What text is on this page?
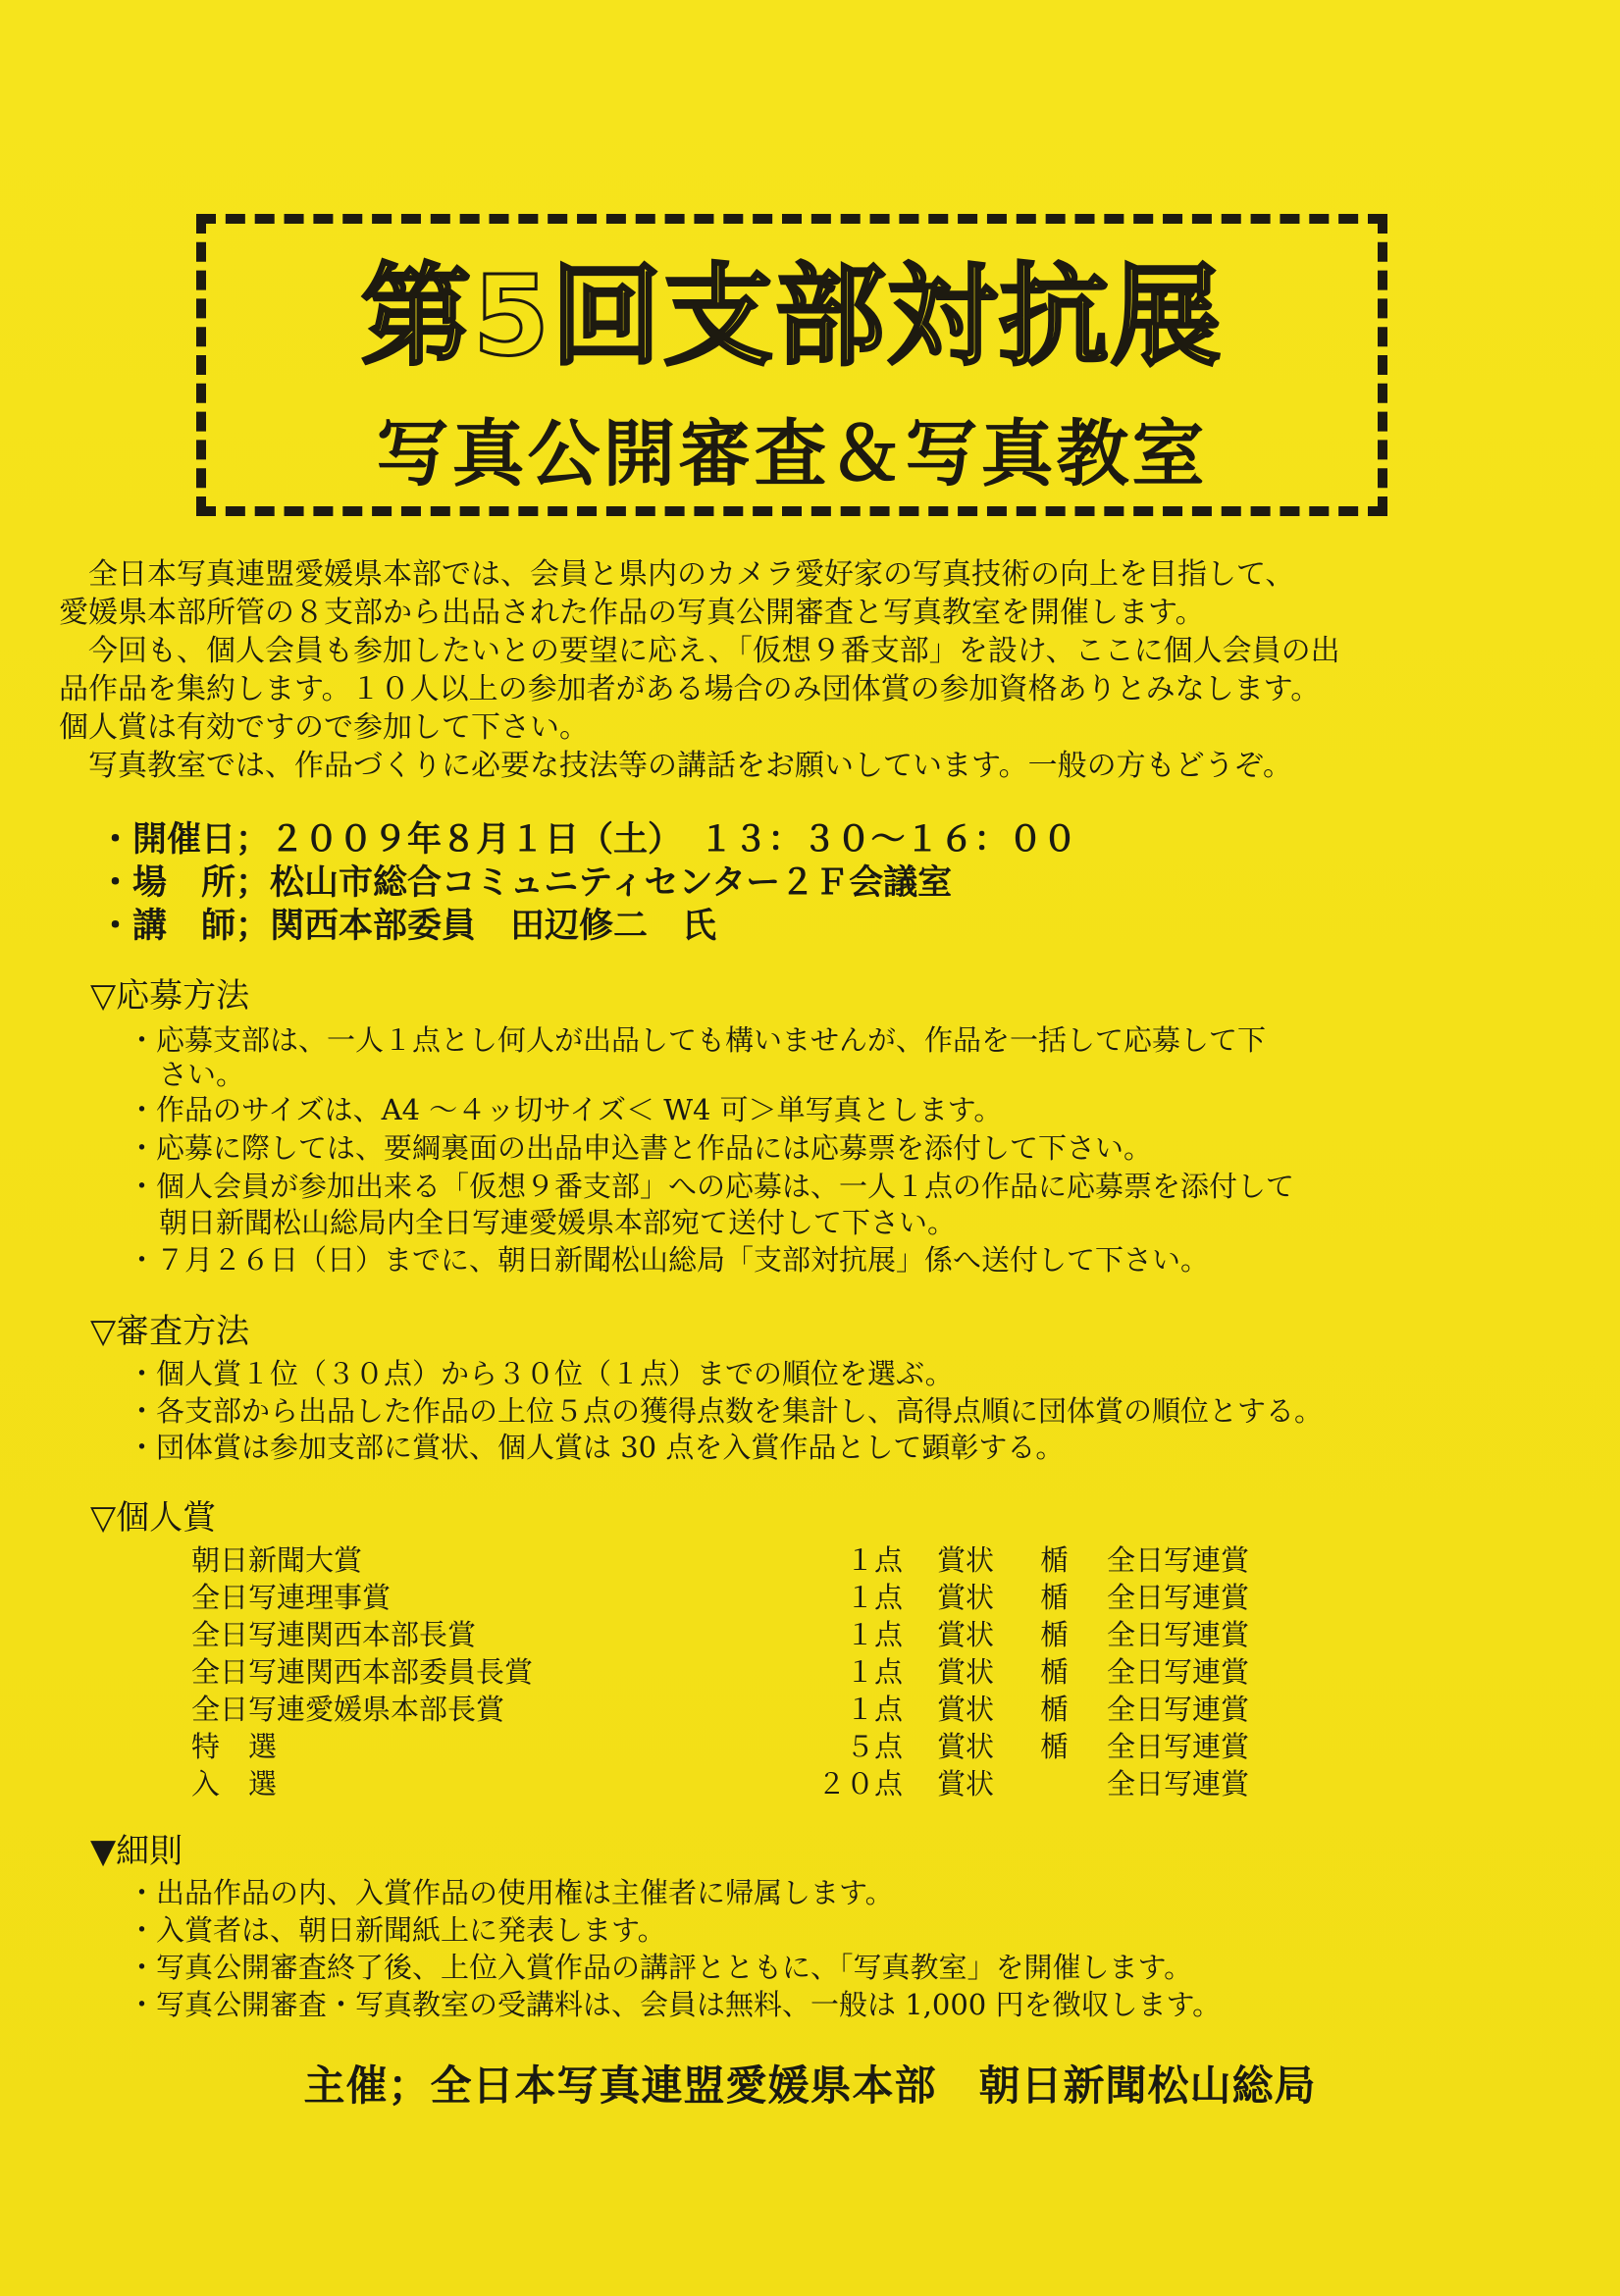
第5回支部対抗展
写真公開審査＆写真教室
　全日本写真連盟愛媛県本部では、会員と県内のカメラ愛好家の写真技術の向上を目指して、
愛媛県本部所管の８支部から出品された作品の写真公開審査と写真教室を開催します。
　今回も、個人会員も参加したいとの要望に応え、「仮想９番支部」を設け、ここに個人会員の出
品作品を集約します。１０人以上の参加者がある場合のみ団体賞の参加資格ありとみなします。
個人賞は有効ですので参加して下さい。
　写真教室では、作品づくりに必要な技法等の講話をお願いしています。一般の方もどうぞ。
・開催日；２００９年８月１日（土）　１３：３０〜１６：００
・場　所；松山市総合コミュニティセンター２Ｆ会議室
・講　師；関西本部委員　田辺修二　氏
▽応募方法
・応募支部は、一人１点とし何人が出品しても構いませんが、作品を一括して応募して下
さい。
・作品のサイズは、A4 〜４ッ切サイズ＜ W4 可＞単写真とします。
・応募に際しては、要綱裏面の出品申込書と作品には応募票を添付して下さい。
・個人会員が参加出来る「仮想９番支部」への応募は、一人１点の作品に応募票を添付して
朝日新聞松山総局内全日写連愛媛県本部宛て送付して下さい。
・７月２６日（日）までに、朝日新聞松山総局「支部対抗展」係へ送付して下さい。
▽審査方法
・個人賞１位（３０点）から３０位（１点）までの順位を選ぶ。
・各支部から出品した作品の上位５点の獲得点数を集計し、高得点順に団体賞の順位とする。
・団体賞は参加支部に賞状、個人賞は 30 点を入賞作品として顕彰する。
▽個人賞
朝日新聞大賞	１点 賞状 楯 全日写連賞
全日写連理事賞	１点 賞状 楯 全日写連賞
全日写連関西本部長賞	１点 賞状 楯 全日写連賞
全日写連関西本部委員長賞	１点 賞状 楯 全日写連賞
全日写連愛媛県本部長賞	１点 賞状 楯 全日写連賞
特　選	５点 賞状 楯 全日写連賞
入　選	２０点 賞状	全日写連賞
▼細則
・出品作品の内、入賞作品の使用権は主催者に帰属します。
・入賞者は、朝日新聞紙上に発表します。
・写真公開審査終了後、上位入賞作品の講評とともに、「写真教室」を開催します。
・写真公開審査・写真教室の受講料は、会員は無料、一般は 1,000 円を徴収します。
主催；全日本写真連盟愛媛県本部　朝日新聞松山総局
